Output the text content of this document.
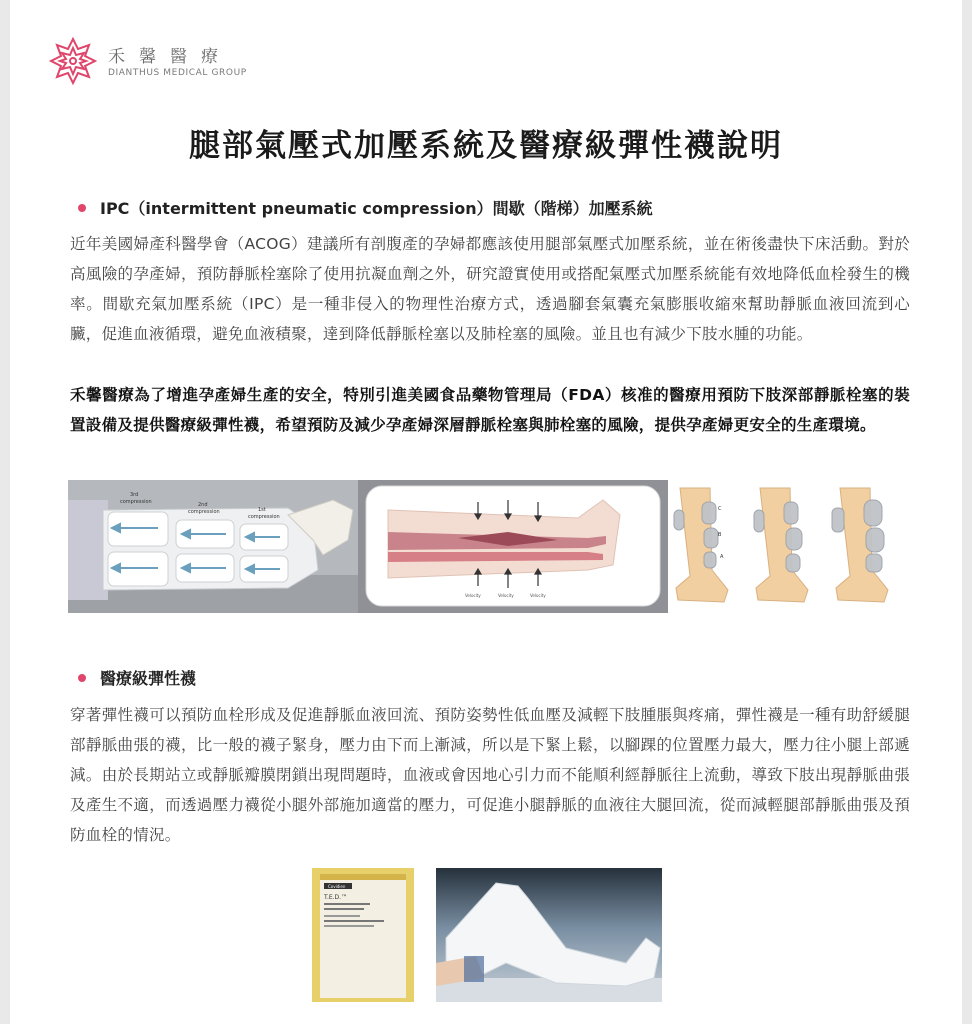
禾馨醫療
DIANTHUS MEDICAL GROUP
腿部氣壓式加壓系統及醫療級彈性襪說明
IPC（intermittent pneumatic compression）間歇（階梯）加壓系統
近年美國婦產科醫學會（ACOG）建議所有剖腹產的孕婦都應該使用腿部氣壓式加壓系統，並在術後盡快下床活動。對於高風險的孕產婦，預防靜脈栓塞除了使用抗凝血劑之外，研究證實使用或搭配氣壓式加壓系統能有效地降低血栓發生的機率。間歇充氣加壓系統（IPC）是一種非侵入的物理性治療方式，透過腳套氣囊充氣膨脹收縮來幫助靜脈血液回流到心臟，促進血液循環，避免血液積聚，達到降低靜脈栓塞以及肺栓塞的風險。並且也有減少下肢水腫的功能。
禾馨醫療為了增進孕產婦生產的安全，特別引進美國食品藥物管理局（FDA）核准的醫療用預防下肢深部靜脈栓塞的裝置設備及提供醫療級彈性襪，希望預防及減少孕產婦深層靜脈栓塞與肺栓塞的風險，提供孕產婦更安全的生產環境。
3rd
compression	2nd
compression	1st
compression
Velocity	Velocity	Velocity
C
B
A
醫療級彈性襪
穿著彈性襪可以預防血栓形成及促進靜脈血液回流、預防姿勢性低血壓及減輕下肢腫脹與疼痛，彈性襪是一種有助舒緩腿部靜脈曲張的襪，比一般的襪子緊身，壓力由下而上漸減，所以是下緊上鬆，以腳踝的位置壓力最大，壓力往小腿上部遞減。由於長期站立或靜脈瓣膜閉鎖出現問題時，血液或會因地心引力而不能順利經靜脈往上流動，導致下肢出現靜脈曲張及產生不適，而透過壓力襪從小腿外部施加適當的壓力，可促進小腿靜脈的血液往大腿回流，從而減輕腿部靜脈曲張及預防血栓的情況。
Covidien
T.E.D.™
